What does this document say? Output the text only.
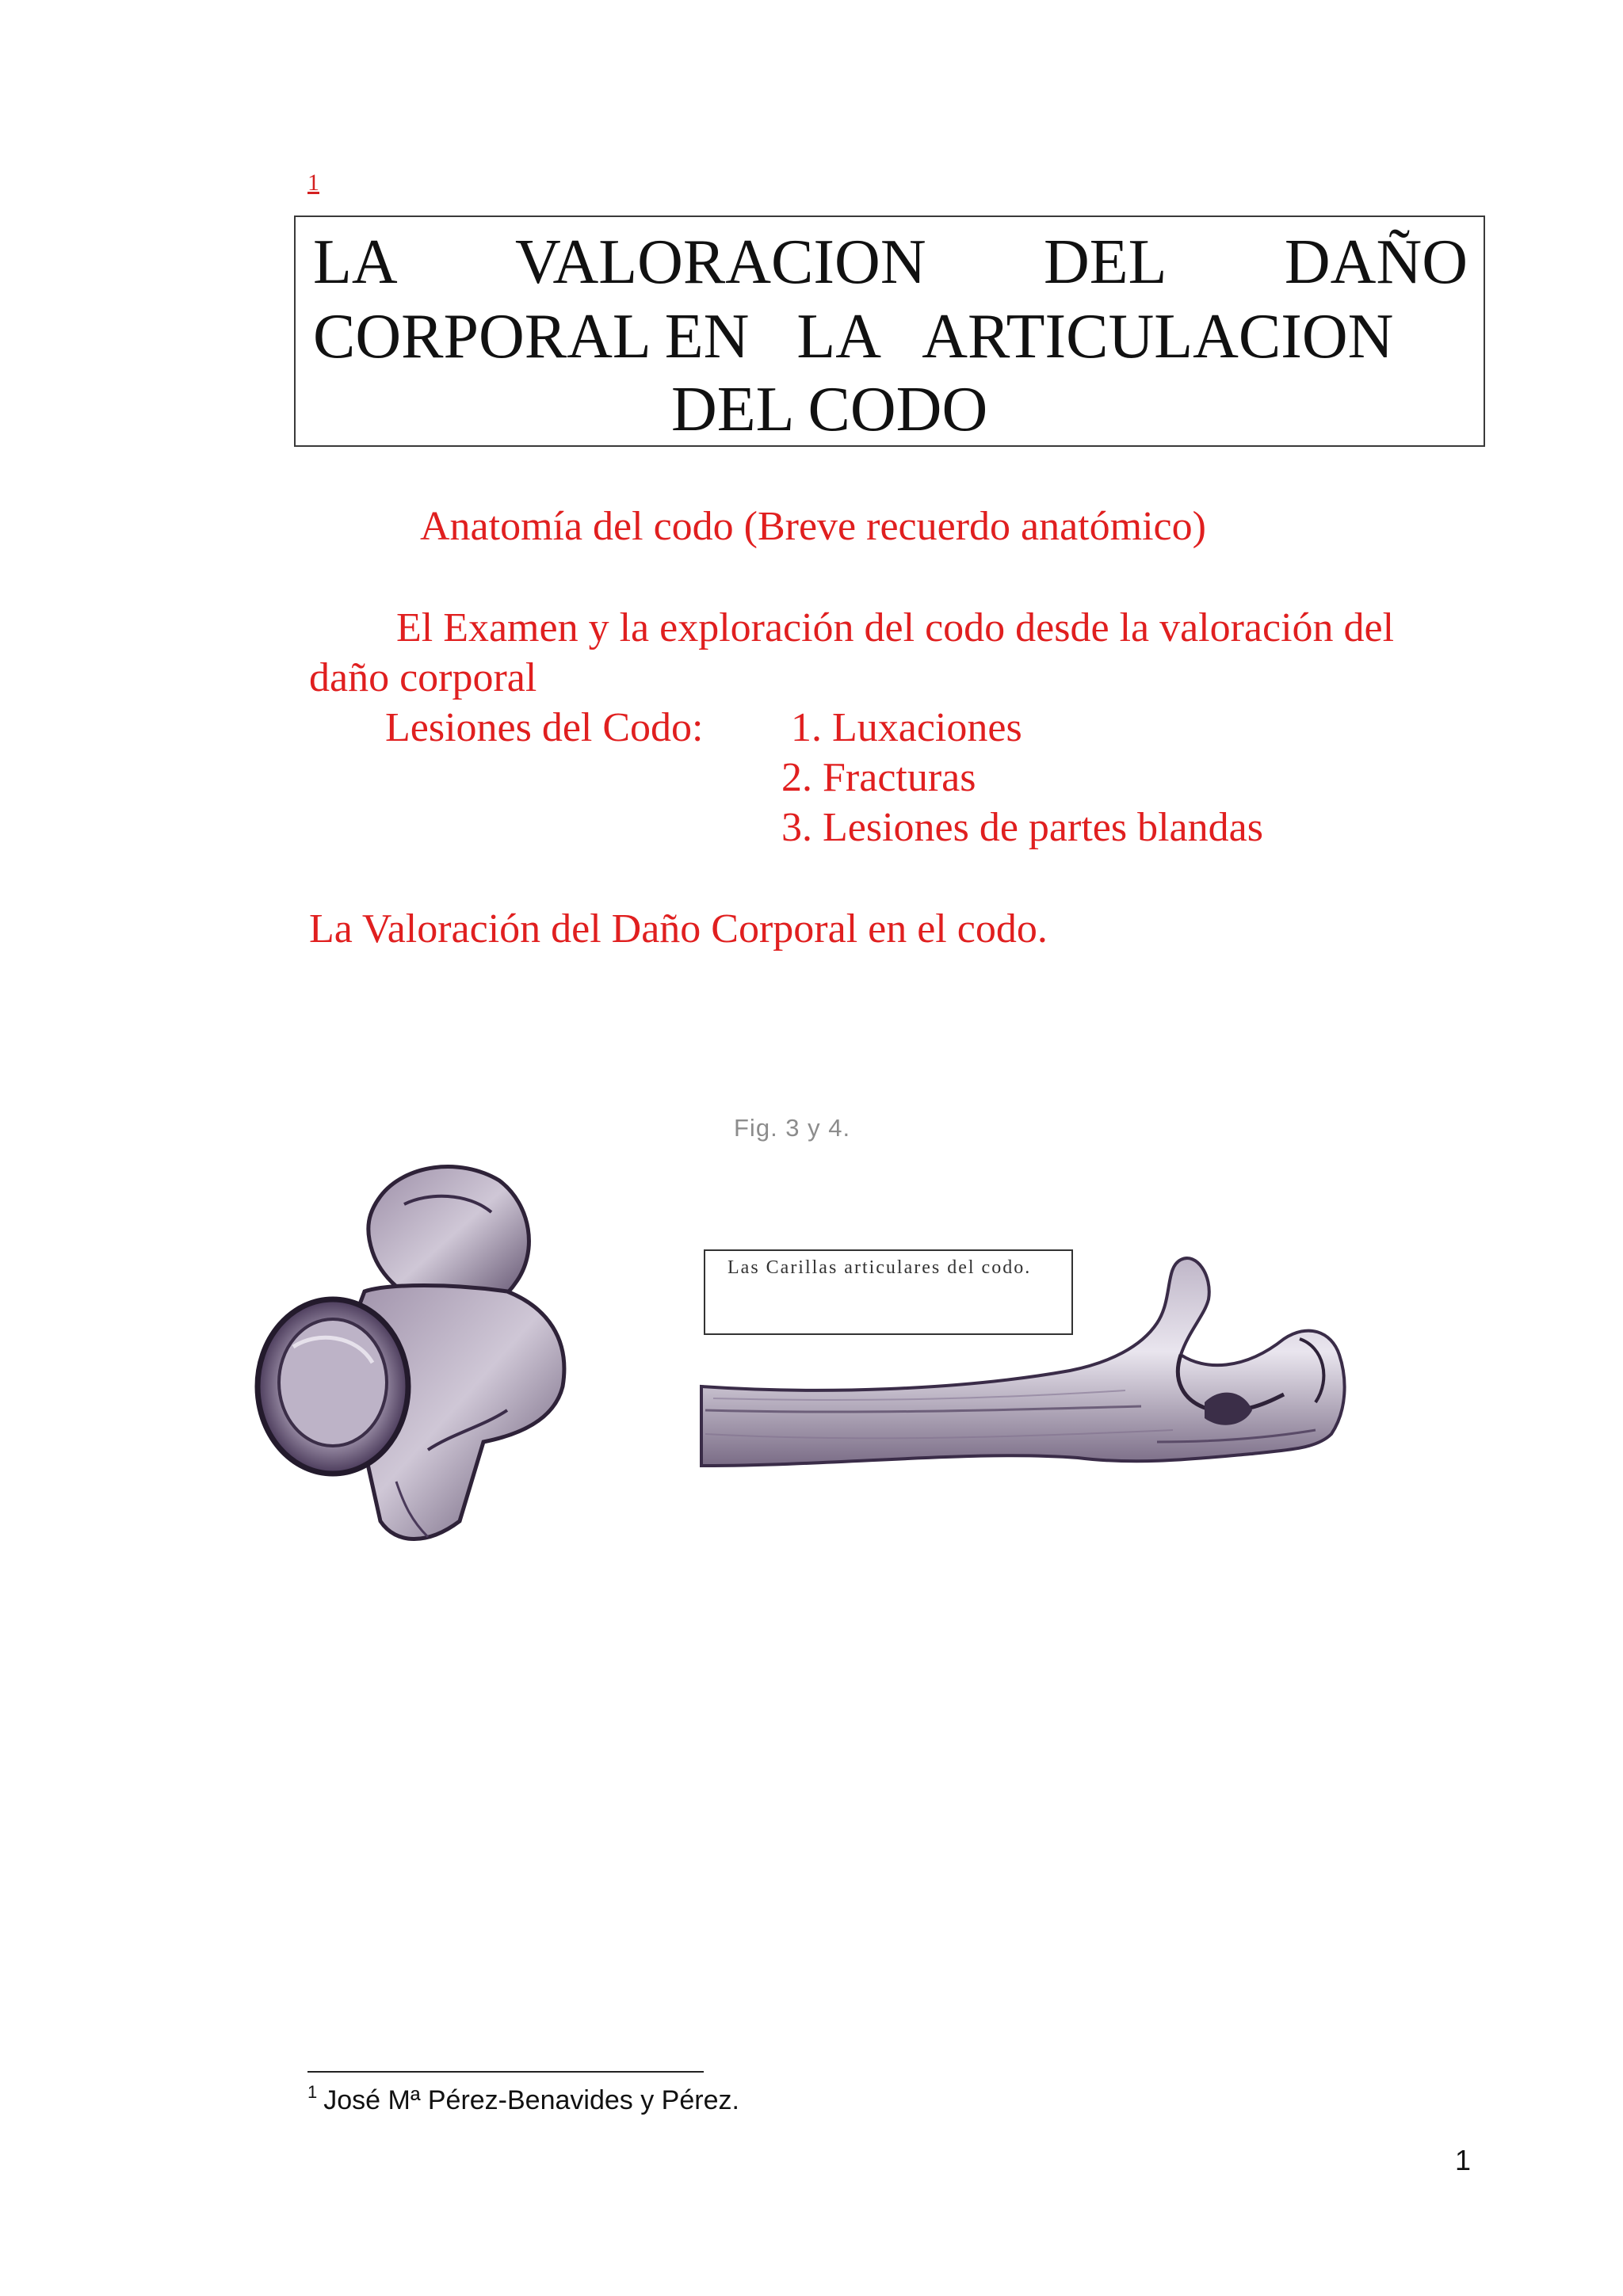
1
LA VALORACION DEL DAÑO
CORPORAL EN   LA   ARTICULACION
DEL CODO
Anatomía del codo (Breve recuerdo anatómico)
El Examen y la exploración del codo desde la valoración del
daño corporal
Lesiones del Codo: 1. Luxaciones
2. Fracturas
3. Lesiones de partes blandas
La Valoración del Daño Corporal en el codo.
Fig. 3 y 4.
Las Carillas articulares del codo.
$^1$ José Mª Pérez-Benavides y Pérez.
1
